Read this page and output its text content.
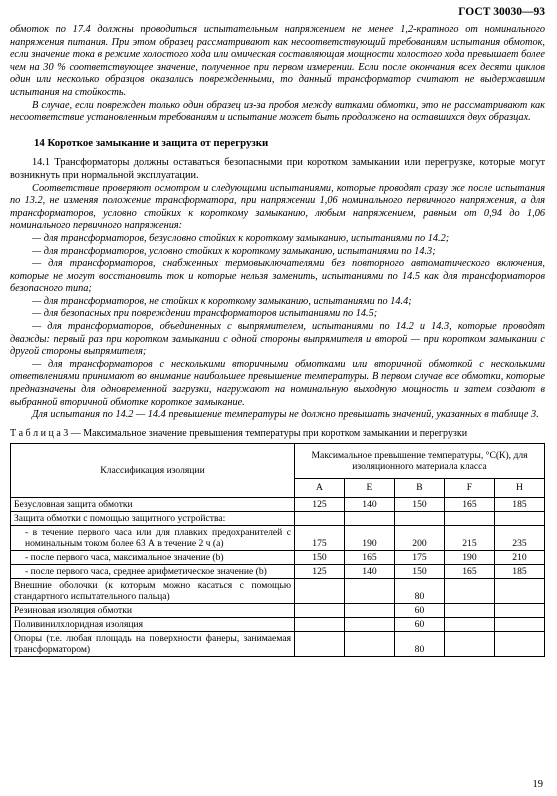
ГОСТ 30030—93

обмоток по 17.4 должны проводиться испытательным напряжением не менее 1,2-кратного от номинального напряжения питания. При этом образец рассматривают как несоответствующий требованиям испытания обмоток, если значение тока в режиме холостого хода или омическая составляющая мощности холостого хода превышает более чем на 30 % соответствующее значение, полученное при первом измерении. Если после окончания всех десяти циклов один или несколько образцов оказались поврежденными, то данный трансформатор считают не выдержавшим испытания на стойкость.

В случае, если поврежден только один образец из-за пробоя между витками обмотки, это не рассматривают как несоответствие установленным требованиям и испытание может быть продолжено на оставшихся двух образцах.

14 Короткое замыкание и защита от перегрузки

14.1 Трансформаторы должны оставаться безопасными при коротком замыкании или перегрузке, которые могут возникнуть при нормальной эксплуатации.

Соответствие проверяют осмотром и следующими испытаниями, которые проводят сразу же после испытания по 13.2, не изменяя положение трансформатора, при напряжении 1,06 номинального первичного напряжения, а для трансформаторов, условно стойких к короткому замыканию, любым напряжением, равным от 0,94 до 1,06 номинального первичного напряжения:

— для трансформаторов, безусловно стойких к короткому замыканию, испытаниями по 14.2;

— для трансформаторов, условно стойких к короткому замыканию, испытаниями по 14.3;

— для трансформаторов, снабженных термовыключателями без повторного автоматического включения, которые не могут восстановить ток и которые нельзя заменить, испытаниями по 14.5 как для трансформаторов безопасного типа;

— для трансформаторов, не стойких к короткому замыканию, испытаниями по 14.4;

— для безопасных при повреждении трансформаторов испытаниями по 14.5;

— для трансформаторов, объединенных с выпрямителем, испытаниями по 14.2 и 14.3, которые проводят дважды: первый раз при коротком замыкании с одной стороны выпрямителя и второй — при коротком замыкании с другой стороны выпрямителя;

— для трансформаторов с несколькими вторичными обмотками или вторичной обмоткой с несколькими ответвлениями принимают во внимание наибольшее превышение температуры. В первом случае все обмотки, которые предназначены для одновременной загрузки, нагружают на номинальную выходную мощность и затем создают в выбранной вторичной обмотке короткое замыкание.

Для испытания по 14.2 — 14.4 превышение температуры не должно превышать значений, указанных в таблице 3.

Т а б л и ц а 3 — Максимальное значение превышения температуры при коротком замыкании и перегрузки
Классификация изоляции	Максимальное превышение температуры, °С(К), для изоляционного материала класса				
	A	E	B	F	H
Безусловная защита обмотки	125	140	150	165	185
Защита обмотки с помощью защитного устройства:					
- в течение первого часа или для плавких предохранителей с номинальным током более 63 А в течение 2 ч (a)	175	190	200	215	235
- после первого часа, максимальное значение (b)	150	165	175	190	210
- после первого часа, среднее арифметическое значение (b)	125	140	150	165	185
Внешние оболочки (к которым можно касаться с помощью стандартного испытательного пальца)			80		
Резиновая изоляция обмотки			60		
Поливинилхлоридная изоляция			60		
Опоры (т.е. любая площадь на поверхности фанеры, занимаемая трансформатором)			80		
19
